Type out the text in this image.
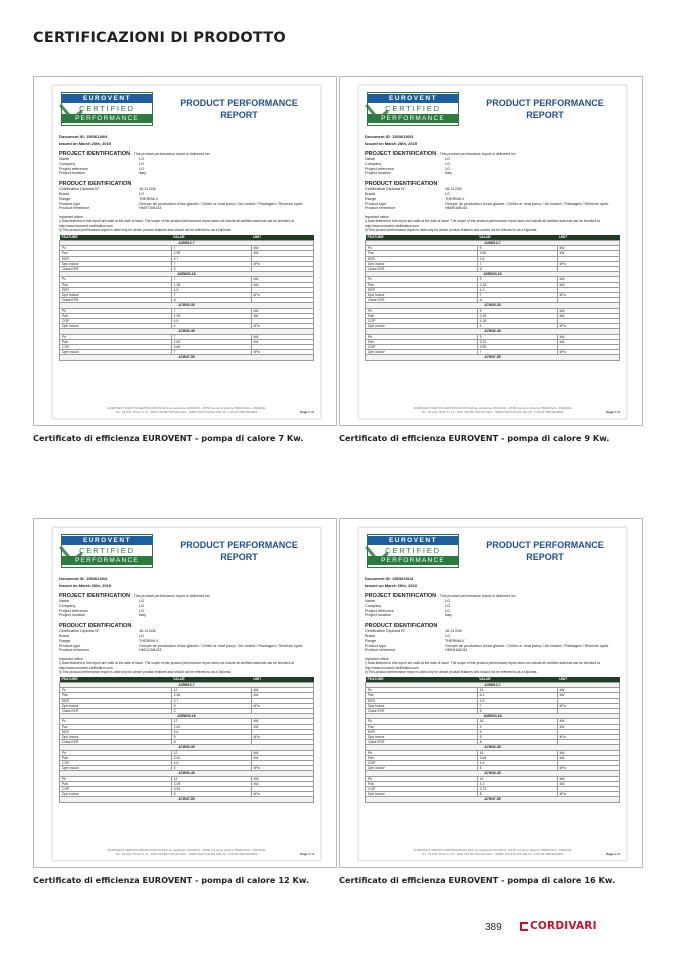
CERTIFICAZIONI DI PRODOTTO
EUROVENT
CERTIFIED
PERFORMANCE
PRODUCT PERFORMANCE
REPORT
Document ID: 15536149/4
Issued on March 26th, 2019
PROJECT IDENTIFICATION - This product performance report is delivered for:
Name	LG
Company	LG
Project reference	LG
Project location	Italy
PRODUCT IDENTIFICATION
Certification Diploma N°	16.11.006
Brand	LG
Range	THERMA V
Product type	Groupe de production d'eau glacée / Chiller or heat pump / Air cooled / Packaged / Reverse cycle
Product reference	HM071MU43
Important notice:
i) Data featured in this report are valid at the date of issue. The scope of this product performance report does not include all certified data that can be checked at http://www.eurovent-certification.com
ii) This product performance report is valid only for above product features and should not be referred to as a Diploma.
FEATURE	VALUE	UNIT
A35W12-7		
Pc	7	kW
Pac	2.59	kW
EER	2.7	
Dps Indoor	7	kPa
Class EER	C	
A35W23-18		
Pc	7	kW
Pac	1.35	kW
EER	4.5	
Dps Indoor	7	kPa
Class EER	A	
A7W30-35		
Ph	7	kW
Pah	1.39	kW
COP	4.5	
Dph Indoor	4	kPa
A7W40-45		
Ph	7	kW
Pah	1.83	kW
COP	3.65	
Dph Indoor	7	kPa
A7W47-55		
EUROVENT CERTITA CERTIFICATION SAS au capital de 150 000 € - 48-50 rue de la Victoire 75009 Paris - FRANCE
Tel : 33 (0)1 75 44 71 71 - RCS 720 897 664 00 Paris - SIRET 813 510 601 000 22 - TVA FR 06813510601	Page 1 / 2
Certificato di efficienza EUROVENT - pompa di calore 7 Kw.
EUROVENT
CERTIFIED
PERFORMANCE
PRODUCT PERFORMANCE
REPORT
Document ID: 15536150/3
Issued on March 26th, 2019
PROJECT IDENTIFICATION - This product performance report is delivered for:
Name	LG
Company	LG
Project reference	LG
Project location	Italy
PRODUCT IDENTIFICATION
Certification Diploma N°	16.11.006
Brand	LG
Range	THERMA V
Product type	Groupe de production d'eau glacée / Chiller or heat pump / Air cooled / Packaged / Reverse cycle
Product reference	HM091MU43
Important notice:
i) Data featured in this report are valid at the date of issue. The scope of this product performance report does not include all certified data that can be checked at http://www.eurovent-certification.com
ii) This product performance report is valid only for above product features and should not be referred to as a Diploma.
FEATURE	VALUE	UNIT
A35W12-7		
Pc	9	kW
Pac	3.60	kW
EER	2.5	
Dps Indoor	7	kPa
Class EER	D	
A35W23-18		
Pc	9	kW
Pac	2.16	kW
EER	4.2	
Dps Indoor	7	kPa
Class EER	A	
A7W30-35		
Ph	9	kW
Pah	2.15	kW
COP	4.18	
Dph Indoor	4	kPa
A7W40-45		
Ph	9	kW
Pah	2.51	kW
COP	3.59	
Dph Indoor	7	kPa
A7W47-55		
EUROVENT CERTITA CERTIFICATION SAS au capital de 150 000 € - 48-50 rue de la Victoire 75009 Paris - FRANCE
Tel : 33 (0)1 75 44 71 71 - RCS 720 897 664 00 Paris - SIRET 813 510 601 000 22 - TVA FR 06813510601	Page 1 / 2
Certificato di efficienza EUROVENT - pompa di calore 9 Kw.
EUROVENT
CERTIFIED
PERFORMANCE
PRODUCT PERFORMANCE
REPORT
Document ID: 15536149/4
Issued on March 26th, 2019
PROJECT IDENTIFICATION - This product performance report is delivered for:
Name	LG
Company	LG
Project reference	LG
Project location	Italy
PRODUCT IDENTIFICATION
Certification Diploma N°	16.11.006
Brand	LG
Range	THERMA V
Product type	Groupe de production d'eau glacée / Chiller or heat pump / Air cooled / Packaged / Reverse cycle
Product reference	HM121MU33
Important notice:
i) Data featured in this report are valid at the date of issue. The scope of this product performance report does not include all certified data that can be checked at http://www.eurovent-certification.com
ii) This product performance report is valid only for above product features and should not be referred to as a Diploma.
FEATURE	VALUE	UNIT
A35W12-7		
Pc	12	kW
Pac	4.48	kW
EER	2.7	
Dps Indoor	9	kPa
Class EER	C	
A35W23-18		
Pc	12	kW
Pac	2.61	kW
EER	4.6	
Dps Indoor	9	kPa
Class EER	A	
A7W30-35		
Ph	12	kW
Pah	2.61	kW
COP	4.6	
Dph Indoor	5	kPa
A7W40-45		
Ph	12	kW
Pah	3.05	kW
COP	3.93	
Dph Indoor	8	kPa
A7W47-55		
EUROVENT CERTITA CERTIFICATION SAS au capital de 150 000 € - 48-50 rue de la Victoire 75009 Paris - FRANCE
Tel : 33 (0)1 75 44 71 71 - RCS 720 897 664 00 Paris - SIRET 813 510 601 000 22 - TVA FR 06813510601	Page 1 / 2
Certificato di efficienza EUROVENT - pompa di calore 12 Kw.
EUROVENT
CERTIFIED
PERFORMANCE
PRODUCT PERFORMANCE
REPORT
Document ID: 15536151/4
Issued on March 26th, 2019
PROJECT IDENTIFICATION - This product performance report is delivered for:
Name	LG
Company	LG
Project reference	LG
Project location	Italy
PRODUCT IDENTIFICATION
Certification Diploma N°	16.11.006
Brand	LG
Range	THERMA V
Product type	Groupe de production d'eau glacée / Chiller or heat pump / Air cooled / Packaged / Reverse cycle
Product reference	HM161MU33
Important notice:
i) Data featured in this report are valid at the date of issue. The scope of this product performance report does not include all certified data that can be checked at http://www.eurovent-certification.com
ii) This product performance report is valid only for above product features and should not be referred to as a Diploma.
FEATURE	VALUE	UNIT
A35W12-7		
Pc	16	kW
Pac	6.4	kW
EER	2.5	
Dps Indoor	7	kPa
Class EER	D	
A35W23-18		
Pc	16	kW
Pac	4	kW
EER	4	
Dps Indoor	8	kPa
Class EER	A	
A7W30-35		
Ph	16	kW
Pah	3.64	kW
COP	4.4	
Dph Indoor	5	kPa
A7W40-45		
Ph	16	kW
Pah	4.3	kW
COP	3.72	
Dph Indoor	8	kPa
A7W47-55		
EUROVENT CERTITA CERTIFICATION SAS au capital de 150 000 € - 48-50 rue de la Victoire 75009 Paris - FRANCE
Tel : 33 (0)1 75 44 71 71 - RCS 720 897 664 00 Paris - SIRET 813 510 601 000 22 - TVA FR 06813510601	Page 1 / 2
Certificato di efficienza EUROVENT - pompa di calore 16 Kw.
389	CORDIVARI
